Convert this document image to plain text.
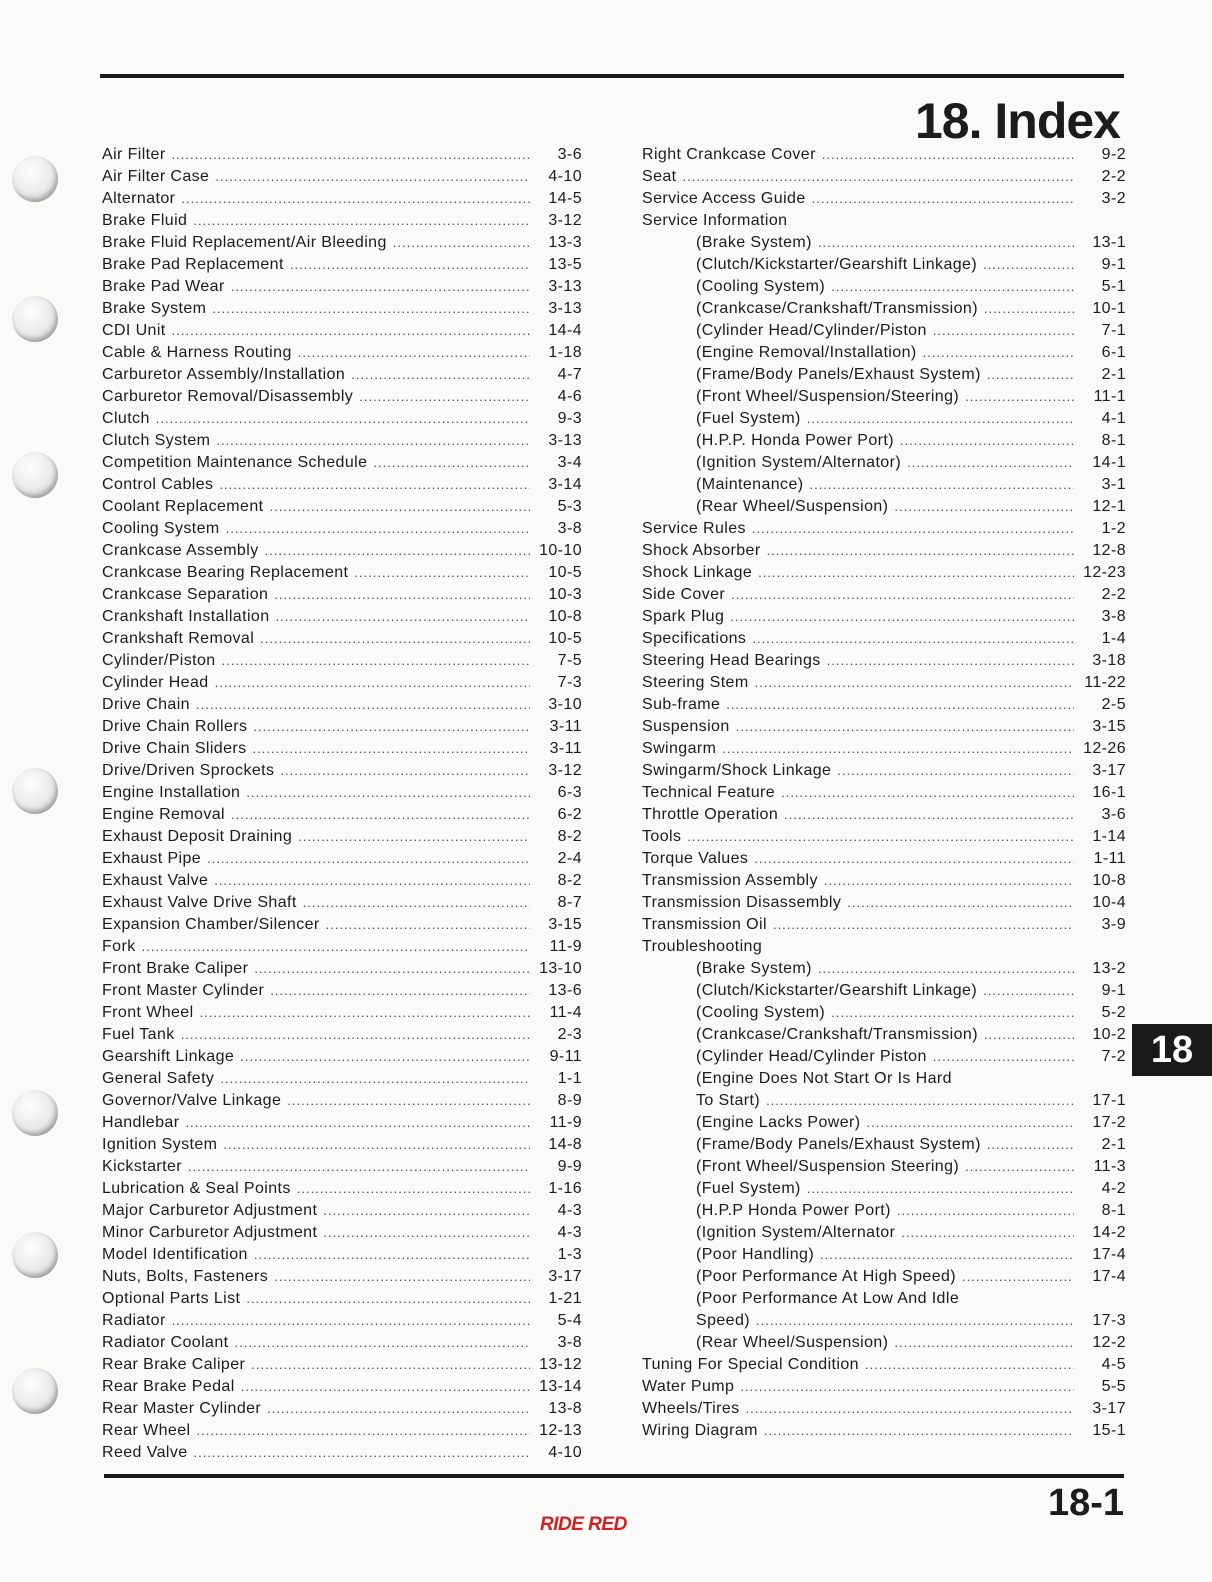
18. Index
Air Filter .....	3-6
Air Filter Case .....	4-10
Alternator .....	14-5
Brake Fluid .....	3-12
Brake Fluid Replacement/Air Bleeding .....	13-3
Brake Pad Replacement .....	13-5
Brake Pad Wear .....	3-13
Brake System .....	3-13
CDI Unit .....	14-4
Cable & Harness Routing .....	1-18
Carburetor Assembly/Installation .....	4-7
Carburetor Removal/Disassembly .....	4-6
Clutch .....	9-3
Clutch System .....	3-13
Competition Maintenance Schedule .....	3-4
Control Cables .....	3-14
Coolant Replacement .....	5-3
Cooling System .....	3-8
Crankcase Assembly .....	10-10
Crankcase Bearing Replacement .....	10-5
Crankcase Separation .....	10-3
Crankshaft Installation .....	10-8
Crankshaft Removal .....	10-5
Cylinder/Piston .....	7-5
Cylinder Head .....	7-3
Drive Chain .....	3-10
Drive Chain Rollers .....	3-11
Drive Chain Sliders .....	3-11
Drive/Driven Sprockets .....	3-12
Engine Installation .....	6-3
Engine Removal .....	6-2
Exhaust Deposit Draining .....	8-2
Exhaust Pipe .....	2-4
Exhaust Valve .....	8-2
Exhaust Valve Drive Shaft .....	8-7
Expansion Chamber/Silencer .....	3-15
Fork .....	11-9
Front Brake Caliper .....	13-10
Front Master Cylinder .....	13-6
Front Wheel .....	11-4
Fuel Tank .....	2-3
Gearshift Linkage .....	9-11
General Safety .....	1-1
Governor/Valve Linkage .....	8-9
Handlebar .....	11-9
Ignition System .....	14-8
Kickstarter .....	9-9
Lubrication & Seal Points .....	1-16
Major Carburetor Adjustment .....	4-3
Minor Carburetor Adjustment .....	4-3
Model Identification .....	1-3
Nuts, Bolts, Fasteners .....	3-17
Optional Parts List .....	1-21
Radiator .....	5-4
Radiator Coolant .....	3-8
Rear Brake Caliper .....	13-12
Rear Brake Pedal .....	13-14
Rear Master Cylinder .....	13-8
Rear Wheel .....	12-13
Reed Valve .....	4-10
Right Crankcase Cover .....	9-2
Seat .....	2-2
Service Access Guide .....	3-2
Service Information
(Brake System) .....	13-1
(Clutch/Kickstarter/Gearshift Linkage) .....	9-1
(Cooling System) .....	5-1
(Crankcase/Crankshaft/Transmission) .....	10-1
(Cylinder Head/Cylinder/Piston .....	7-1
(Engine Removal/Installation) .....	6-1
(Frame/Body Panels/Exhaust System) .....	2-1
(Front Wheel/Suspension/Steering) .....	11-1
(Fuel System) .....	4-1
(H.P.P. Honda Power Port) .....	8-1
(Ignition System/Alternator) .....	14-1
(Maintenance) .....	3-1
(Rear Wheel/Suspension) .....	12-1
Service Rules .....	1-2
Shock Absorber .....	12-8
Shock Linkage .....	12-23
Side Cover .....	2-2
Spark Plug .....	3-8
Specifications .....	1-4
Steering Head Bearings .....	3-18
Steering Stem .....	11-22
Sub-frame .....	2-5
Suspension .....	3-15
Swingarm .....	12-26
Swingarm/Shock Linkage .....	3-17
Technical Feature .....	16-1
Throttle Operation .....	3-6
Tools .....	1-14
Torque Values .....	1-11
Transmission Assembly .....	10-8
Transmission Disassembly .....	10-4
Transmission Oil .....	3-9
Troubleshooting
(Brake System) .....	13-2
(Clutch/Kickstarter/Gearshift Linkage) .....	9-1
(Cooling System) .....	5-2
(Crankcase/Crankshaft/Transmission) .....	10-2
(Cylinder Head/Cylinder Piston .....	7-2
(Engine Does Not Start Or Is Hard
To Start) .....	17-1
(Engine Lacks Power) .....	17-2
(Frame/Body Panels/Exhaust System) .....	2-1
(Front Wheel/Suspension Steering) .....	11-3
(Fuel System) .....	4-2
(H.P.P Honda Power Port) .....	8-1
(Ignition System/Alternator .....	14-2
(Poor Handling) .....	17-4
(Poor Performance At High Speed) .....	17-4
(Poor Performance At Low And Idle
Speed) .....	17-3
(Rear Wheel/Suspension) .....	12-2
Tuning For Special Condition .....	4-5
Water Pump .....	5-5
Wheels/Tires .....	3-17
Wiring Diagram .....	15-1
18
18-1
RIDE RED
